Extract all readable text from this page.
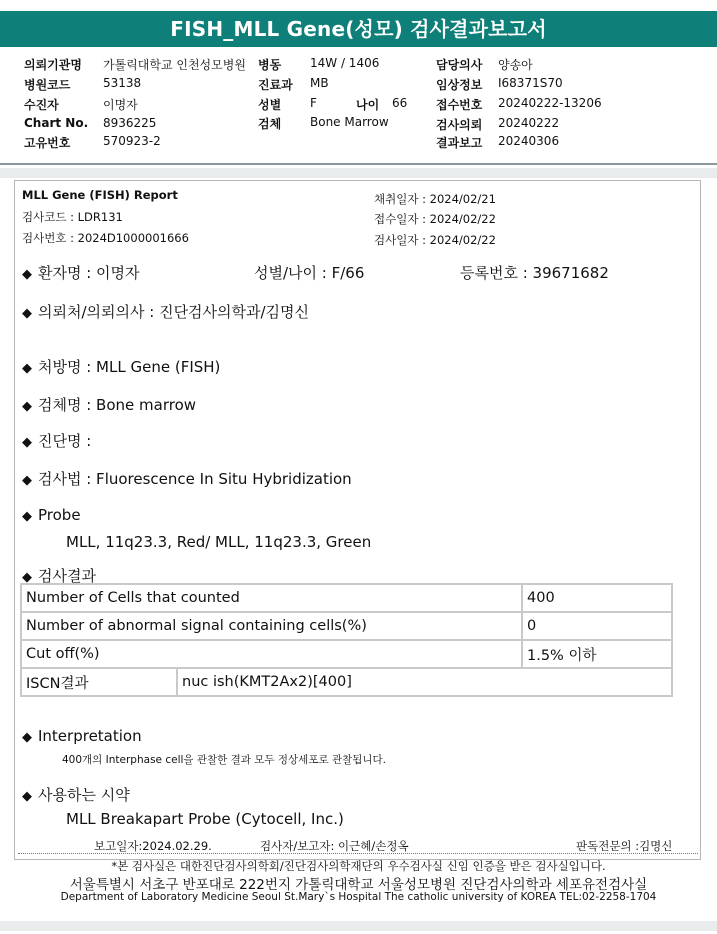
FISH_MLL Gene(성모) 검사결과보고서
의뢰기관명 가톨릭대학교 인천성모병원
병원코드	53138
수진자	이명자
Chart No. 8936225
고유번호	570923-2
병동 14W / 1406
진료과 MB
성별 F	나이 66
검체 Bone Marrow
담당의사 양송아
임상정보 I68371S70
접수번호 20240222-13206
검사의뢰 20240222
결과보고 20240306
MLL Gene (FISH) Report
검사코드 : LDR131
검사번호 : 2024D1000001666
채취일자 : 2024/02/21
접수일자 : 2024/02/22
검사일자 : 2024/02/22
◆ 환자명 : 이명자	성별/나이 : F/66	등록번호 : 39671682
◆ 의뢰처/의뢰의사 : 진단검사의학과/김명신
◆ 처방명 : MLL Gene (FISH)
◆ 검체명 : Bone marrow
◆ 진단명 :
◆ 검사법 : Fluorescence In Situ Hybridization
◆ Probe
MLL, 11q23.3, Red/ MLL, 11q23.3, Green
◆ 검사결과
Number of Cells that counted		400
Number of abnormal signal containing cells(%)		0
Cut off(%)		1.5% 이하
ISCN결과	nuc ish(KMT2Ax2)[400]	
◆ Interpretation
400개의 Interphase cell을 관찰한 결과 모두 정상세포로 관찰됩니다.
◆ 사용하는 시약
MLL Breakapart Probe (Cytocell, Inc.)
보고일자:2024.02.29.	검사자/보고자: 이근혜/손정옥	판독전문의 :김명신
*본 검사실은 대한진단검사의학회/진단검사의학재단의 우수검사실 신임 인증을 받은 검사실입니다.
서울특별시 서초구 반포대로 222번지 가톨릭대학교 서울성모병원 진단검사의학과 세포유전검사실
Department of Laboratory Medicine Seoul St.Mary`s Hospital The catholic university of KOREA TEL:02-2258-1704
